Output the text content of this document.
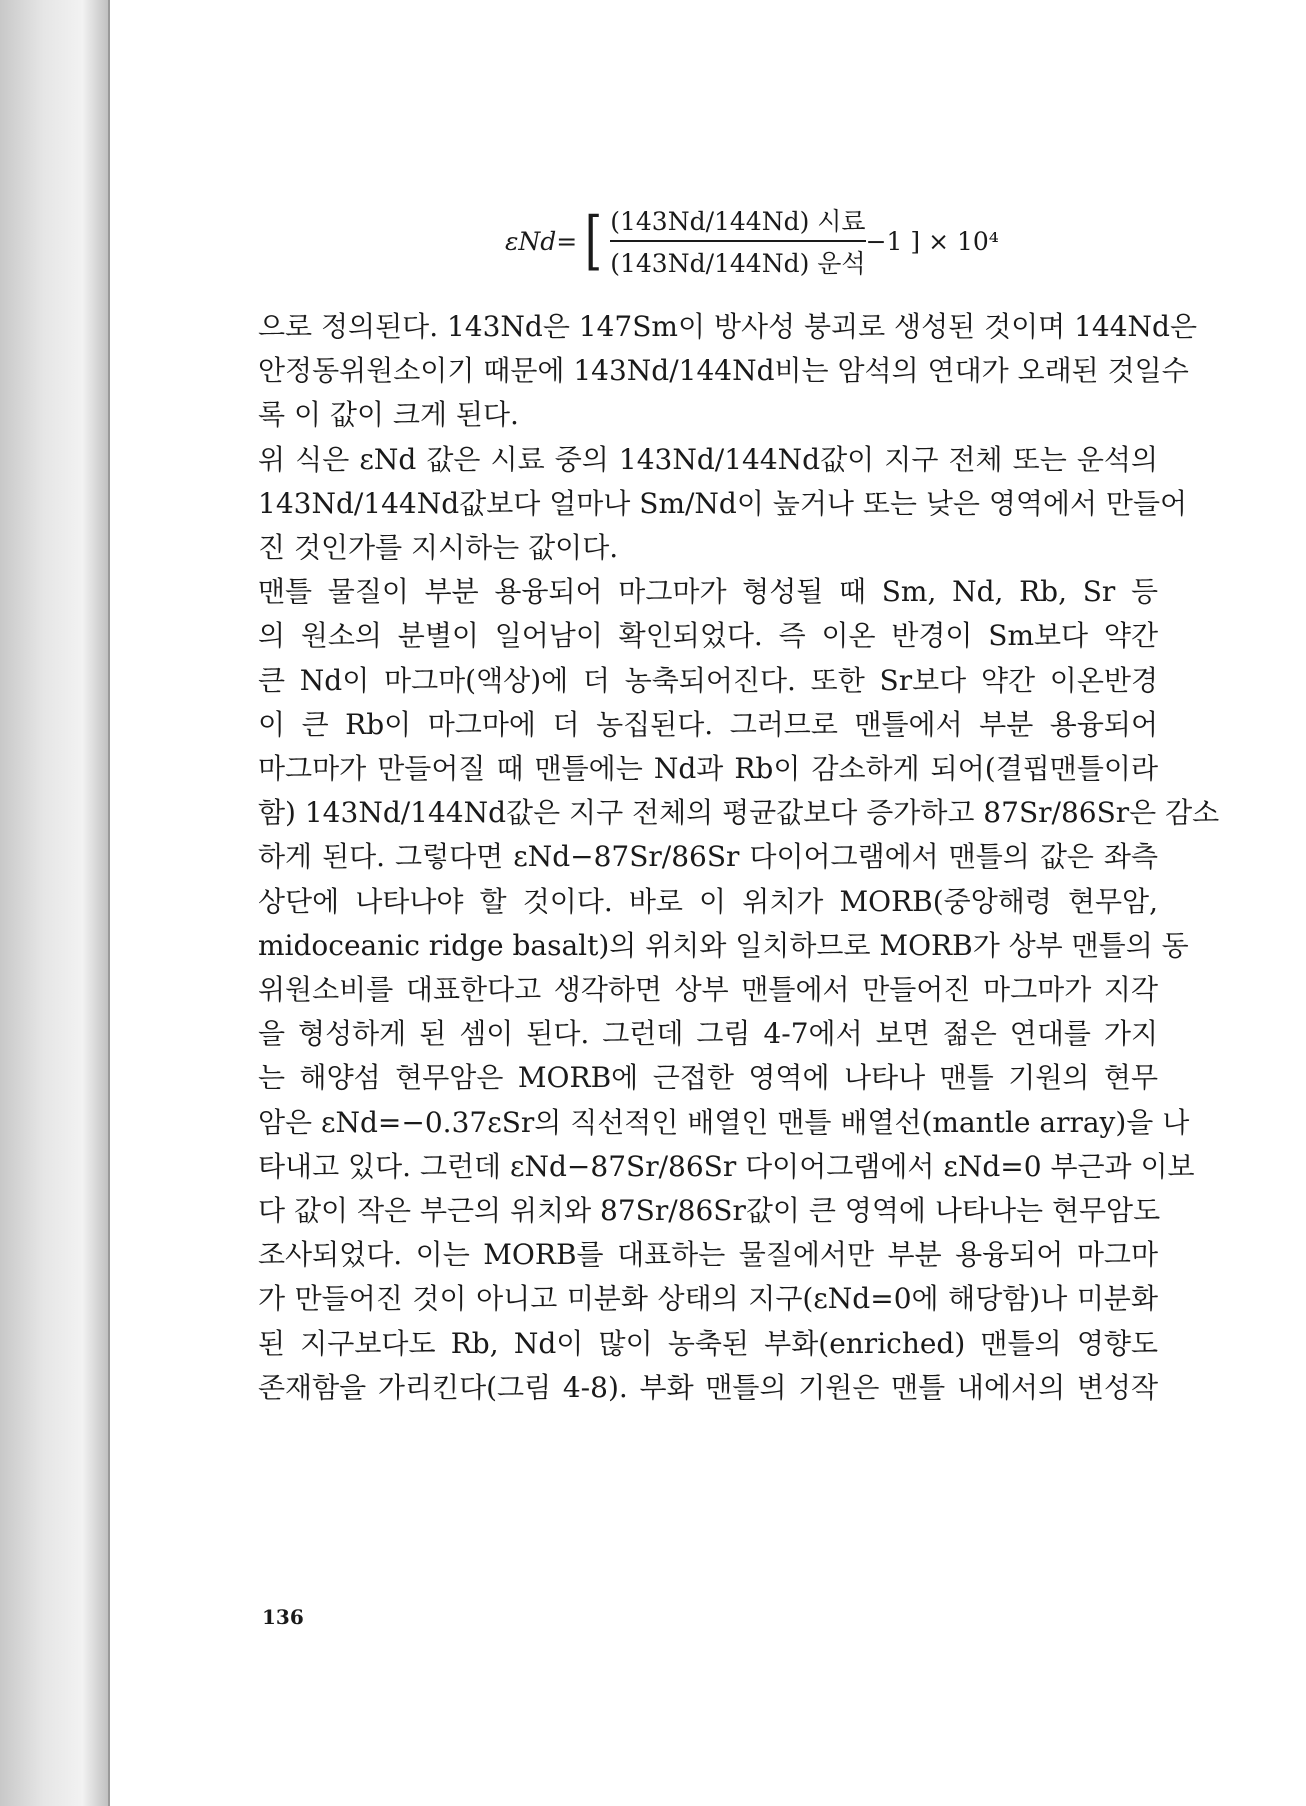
εNd= [ $\frac{\text{(143Nd/144Nd) 시료}}{\text{(143Nd/144Nd) 운석}} -1$ ] × 10⁴
으로 정의된다. 143Nd은 147Sm이 방사성 붕괴로 생성된 것이며 144Nd은
안정동위원소이기 때문에 143Nd/144Nd비는 암석의 연대가 오래된 것일수
록 이 값이 크게 된다.
위 식은 εNd 값은 시료 중의 143Nd/144Nd값이 지구 전체 또는 운석의
143Nd/144Nd값보다 얼마나 Sm/Nd이 높거나 또는 낮은 영역에서 만들어
진 것인가를 지시하는 값이다.
맨틀 물질이 부분 용융되어 마그마가 형성될 때 Sm, Nd, Rb, Sr 등
의 원소의 분별이 일어남이 확인되었다. 즉 이온 반경이 Sm보다 약간
큰 Nd이 마그마(액상)에 더 농축되어진다. 또한 Sr보다 약간 이온반경
이 큰 Rb이 마그마에 더 농집된다. 그러므로 맨틀에서 부분 용융되어
마그마가 만들어질 때 맨틀에는 Nd과 Rb이 감소하게 되어(결핍맨틀이라
함) 143Nd/144Nd값은 지구 전체의 평균값보다 증가하고 87Sr/86Sr은 감소
하게 된다. 그렇다면 εNd−87Sr/86Sr 다이어그램에서 맨틀의 값은 좌측
상단에 나타나야 할 것이다. 바로 이 위치가 MORB(중앙해령 현무암,
midoceanic ridge basalt)의 위치와 일치하므로 MORB가 상부 맨틀의 동
위원소비를 대표한다고 생각하면 상부 맨틀에서 만들어진 마그마가 지각
을 형성하게 된 셈이 된다. 그런데 그림 4-7에서 보면 젊은 연대를 가지
는 해양섬 현무암은 MORB에 근접한 영역에 나타나 맨틀 기원의 현무
암은 εNd=−0.37εSr의 직선적인 배열인 맨틀 배열선(mantle array)을 나
타내고 있다. 그런데 εNd−87Sr/86Sr 다이어그램에서 εNd=0 부근과 이보
다 값이 작은 부근의 위치와 87Sr/86Sr값이 큰 영역에 나타나는 현무암도
조사되었다. 이는 MORB를 대표하는 물질에서만 부분 용융되어 마그마
가 만들어진 것이 아니고 미분화 상태의 지구(εNd=0에 해당함)나 미분화
된 지구보다도 Rb, Nd이 많이 농축된 부화(enriched) 맨틀의 영향도
존재함을 가리킨다(그림 4-8). 부화 맨틀의 기원은 맨틀 내에서의 변성작
136
